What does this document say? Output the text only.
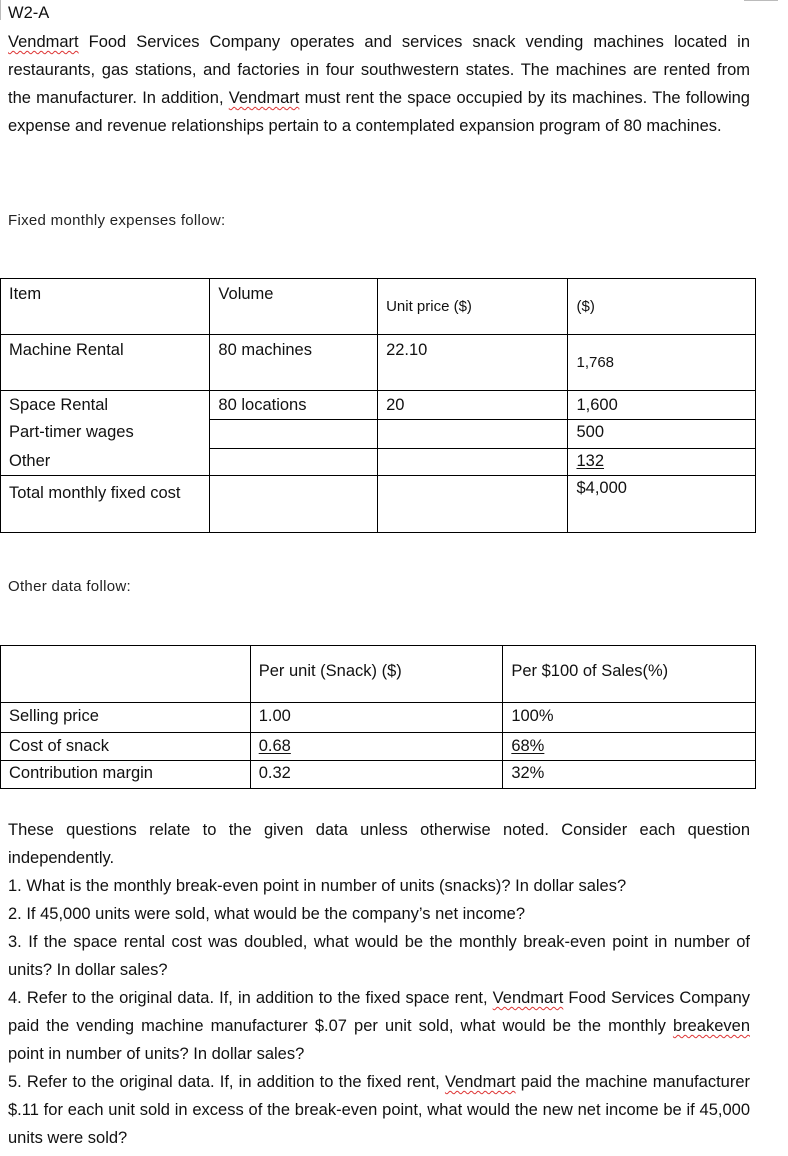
W2-A
Vendmart Food Services Company operates and services snack vending machines located in restaurants, gas stations, and factories in four southwestern states. The machines are rented from the manufacturer. In addition, Vendmart must rent the space occupied by its machines. The following expense and revenue relationships pertain to a contemplated expansion program of 80 machines.
Fixed monthly expenses follow:
Item	Volume	Unit price ($)	($)
Machine Rental	80 machines	22.10	1,768
Space Rental	80 locations	20	1,600
Part-timer wages			500
Other			132
Total monthly fixed cost			$4,000
Other data follow:
	Per unit (Snack) ($)	Per $100 of Sales(%)
Selling price	1.00	100%
Cost of snack	0.68	68%
Contribution margin	0.32	32%

These questions relate to the given data unless otherwise noted. Consider each question independently.

1. What is the monthly break-even point in number of units (snacks)? In dollar sales?

2. If 45,000 units were sold, what would be the company’s net income?

3. If the space rental cost was doubled, what would be the monthly break-even point in number of units? In dollar sales?

4. Refer to the original data. If, in addition to the fixed space rent, Vendmart Food Services Company paid the vending machine manufacturer $.07 per unit sold, what would be the monthly breakeven point in number of units? In dollar sales?

5. Refer to the original data. If, in addition to the fixed rent, Vendmart paid the machine manufacturer $.11 for each unit sold in excess of the break-even point, what would the new net income be if 45,000 units were sold?
